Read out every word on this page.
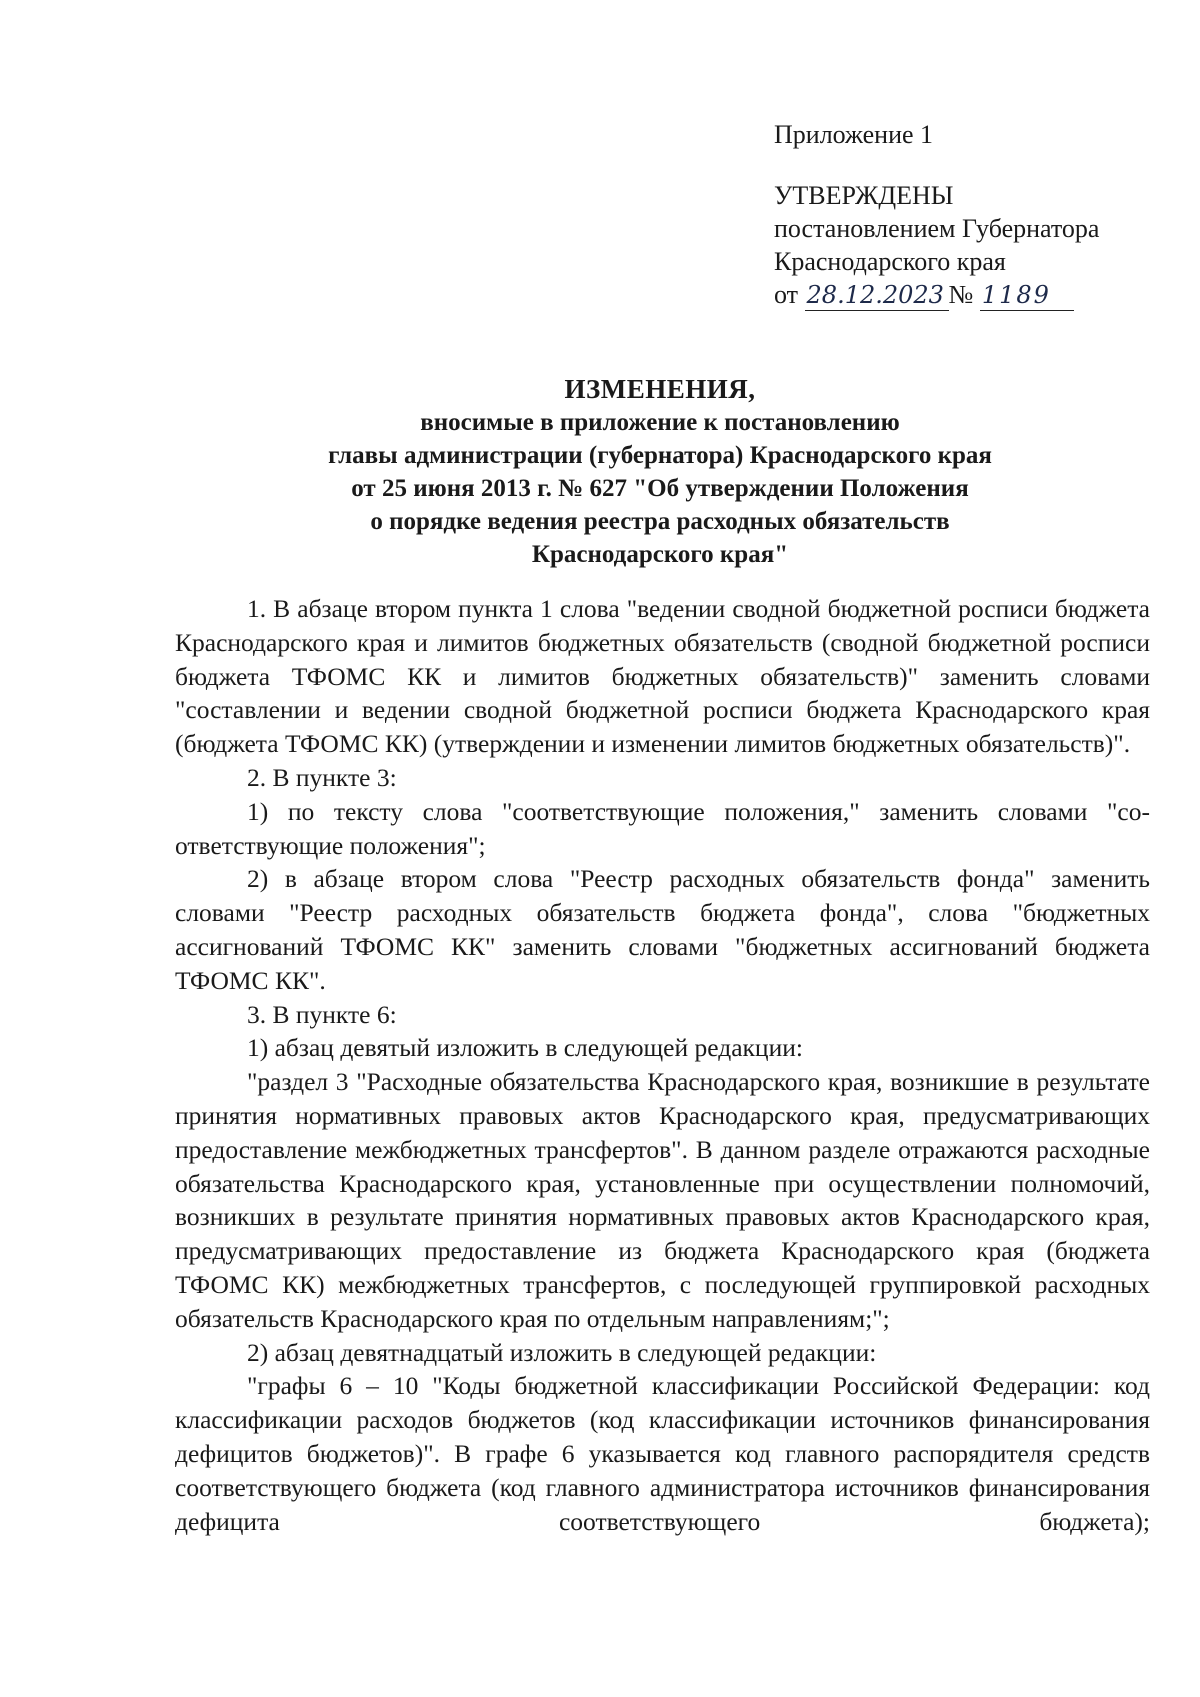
Приложение 1
УТВЕРЖДЕНЫ
постановлением Губернатора
Краснодарского края
от 28.12.2023 № 1189
ИЗМЕНЕНИЯ,
вносимые в приложение к постановлению
главы администрации (губернатора) Краснодарского края
от 25 июня 2013 г. № 627 "Об утверждении Положения
о порядке ведения реестра расходных обязательств
Краснодарского края"

1. В абзаце втором пункта 1 слова "ведении сводной бюджетной росписи бюджета Краснодарского края и лимитов бюджетных обязательств (сводной бюджетной росписи бюджета ТФОМС КК и лимитов бюджетных обязательств)" заменить словами "составлении и ведении сводной бюджетной росписи бюджета Краснодарского края (бюджета ТФОМС КК) (утверждении и изменении лимитов бюджетных обязательств)".

2. В пункте 3:

1) по тексту слова "соответствующие положения," заменить словами "соответствующие положения";

2) в абзаце втором слова "Реестр расходных обязательств фонда" заменить словами "Реестр расходных обязательств бюджета фонда", слова "бюджетных ассигнований ТФОМС КК" заменить словами "бюджетных ассигнований бюджета ТФОМС КК".

3. В пункте 6:

1) абзац девятый изложить в следующей редакции:

"раздел 3 "Расходные обязательства Краснодарского края, возникшие в результате принятия нормативных правовых актов Краснодарского края, предусматривающих предоставление межбюджетных трансфертов". В данном разделе отражаются расходные обязательства Краснодарского края, установленные при осуществлении полномочий, возникших в результате принятия нормативных правовых актов Краснодарского края, предусматривающих предоставление из бюджета Краснодарского края (бюджета ТФОМС КК) межбюджетных трансфертов, с последующей группировкой расходных обязательств Краснодарского края по отдельным направлениям;";

2) абзац девятнадцатый изложить в следующей редакции:

"графы 6 – 10 "Коды бюджетной классификации Российской Федерации: код классификации расходов бюджетов (код классификации источников финансирования дефицитов бюджетов)". В графе 6 указывается код главного распорядителя средств соответствующего бюджета (код главного администратора источников финансирования дефицита соответствующего бюджета);
